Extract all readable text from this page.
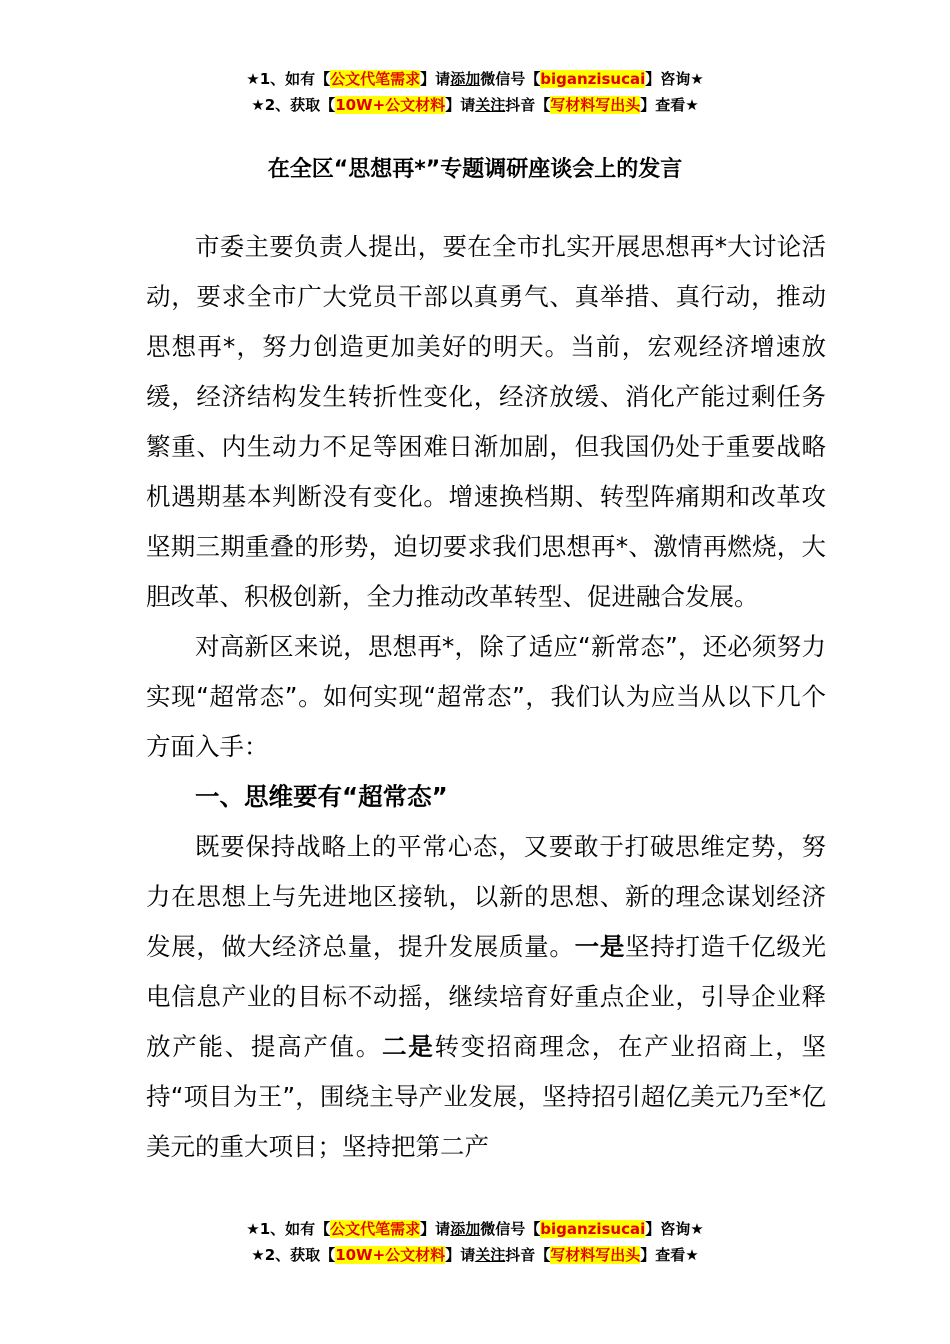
★1、如有【公文代笔需求】请添加微信号【biganzisucai】咨询★
★2、获取【10W+公文材料】请关注抖音【写材料写出头】查看★
在全区“思想再*”专题调研座谈会上的发言

市委主要负责人提出，要在全市扎实开展思想再*大讨论活动，要求全市广大党员干部以真勇气、真举措、真行动，推动思想再*，努力创造更加美好的明天。当前，宏观经济增速放缓，经济结构发生转折性变化，经济放缓、消化产能过剩任务繁重、内生动力不足等困难日渐加剧，但我国仍处于重要战略机遇期基本判断没有变化。增速换档期、转型阵痛期和改革攻坚期三期重叠的形势，迫切要求我们思想再*、激情再燃烧，大胆改革、积极创新，全力推动改革转型、促进融合发展。

对高新区来说，思想再*，除了适应“新常态”，还必须努力实现“超常态”。如何实现“超常态”，我们认为应当从以下几个方面入手：

一、思维要有“超常态”

既要保持战略上的平常心态，又要敢于打破思维定势，努力在思想上与先进地区接轨，以新的思想、新的理念谋划经济发展，做大经济总量，提升发展质量。一是坚持打造千亿级光电信息产业的目标不动摇，继续培育好重点企业，引导企业释放产能、提高产值。二是转变招商理念，在产业招商上，坚持“项目为王”，围绕主导产业发展，坚持招引超亿美元乃至*亿美元的重大项目；坚持把第二产

★1、如有【公文代笔需求】请添加微信号【biganzisucai】咨询★
★2、获取【10W+公文材料】请关注抖音【写材料写出头】查看★
